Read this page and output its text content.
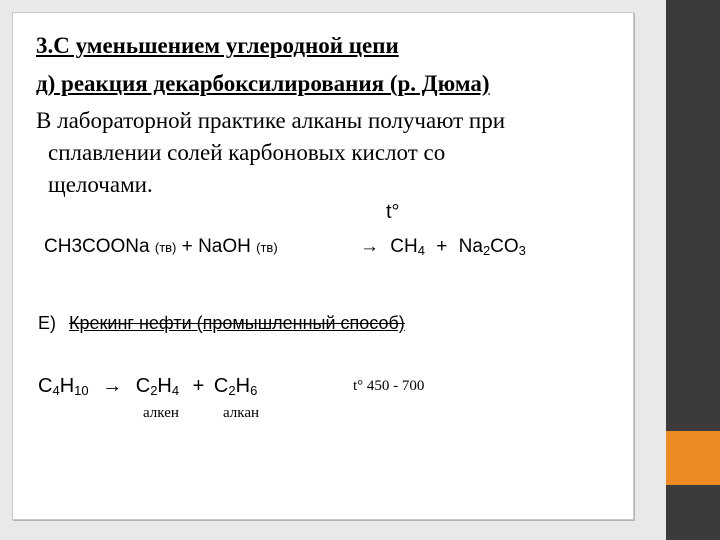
3.С уменьшением углеродной цепи
д) реакция декарбоксилирования (р. Дюма)
В лабораторной практике алканы получают при
сплавлении солей карбоновых кислот со
щелочами.
t°
CH3COONa (тв) + NaOH (тв)	→ $CH_4 + Na_2CO_3$
Е) Крекинг нефти (промышленный способ)
$C_4H_{10} \to C_2H_4 + C_2H_6$	t° 450 - 700
алкен	алкан
